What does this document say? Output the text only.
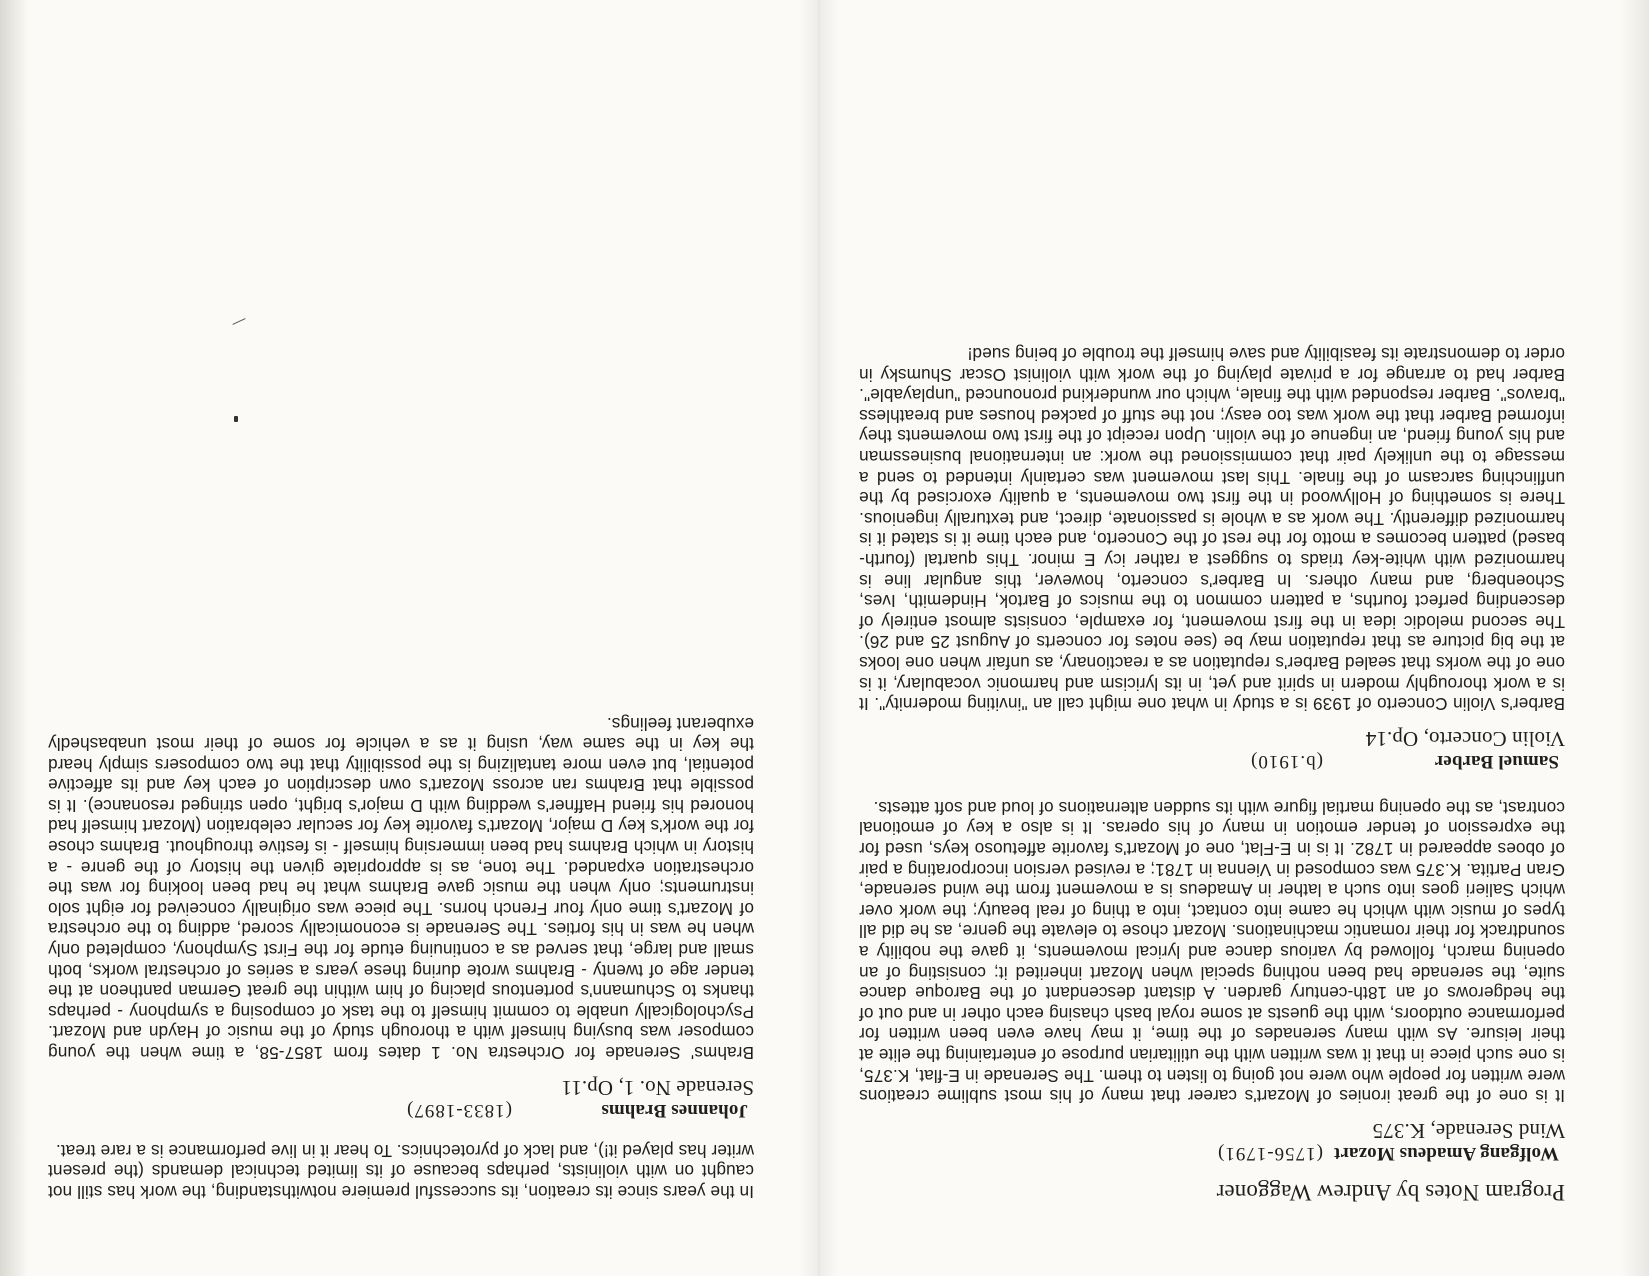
Program Notes by Andrew Waggoner
Wolfgang Amadeus Mozart
(1756-1791)
Wind Serenade, K.375

It is one of the great ironies of Mozart's career that many of his most sublime creations were written for people who were not going to listen to them. The Serenade in E-flat, K.375, is one such piece in that it was written with the utilitarian purpose of entertaining the elite at their leisure. As with many serenades of the time, it may have even been written for performance outdoors, with the guests at some royal bash chasing each other in and out of the hedgerows of an 18th-century garden. A distant descendant of the Baroque dance suite, the serenade had been nothing special when Mozart inherited it; consisting of an opening march, followed by various dance and lyrical movements, it gave the nobility a soundtrack for their romantic machinations. Mozart chose to elevate the genre, as he did all types of music with which he came into contact, into a thing of real beauty; the work over which Salieri goes into such a lather in Amadeus is a movement from the wind serenade, Gran Partita. K.375 was composed in Vienna in 1781; a revised version incorporating a pair of oboes appeared in 1782. It is in E-Flat, one of Mozart's favorite affetuoso keys, used for the expression of tender emotion in many of his operas. It is also a key of emotional contrast, as the opening martial figure with its sudden alternations of loud and soft attests.

Samuel Barber
(b.1910)
Violin Concerto, Op.14

Barber's Violin Concerto of 1939 is a study in what one might call an "inviting modernity". It is a work thoroughly modern in spirit and yet, in its lyricism and harmonic vocabulary, it is one of the works that sealed Barber's reputation as a reactionary, as unfair when one looks at the big picture as that reputation may be (see notes for concerts of August 25 and 26). The second melodic idea in the first movement, for example, consists almost entirely of descending perfect fourths, a pattern common to the musics of Bartok, Hindemith, Ives, Schoenberg, and many others. In Barber's concerto, however, this angular line is harmonized with white-key triads to suggest a rather icy E minor. This quartal (fourth-based) pattern becomes a motto for the rest of the Concerto, and each time it is stated it is harmonized differently. The work as a whole is passionate, direct, and texturally ingenious. There is something of Hollywood in the first two movements, a quality exorcised by the unflinching sarcasm of the finale. This last movement was certainly intended to send a message to the unlikely pair that commissioned the work: an international businessman and his young friend, an ingenue of the violin. Upon receipt of the first two movements they informed Barber that the work was too easy; not the stuff of packed houses and breathless "bravos". Barber responded with the finale, which our wunderkind pronounced "unplayable". Barber had to arrange for a private playing of the work with violinist Oscar Shumsky in order to demonstrate its feasibility and save himself the trouble of being sued!

In the years since its creation, its successful premiere notwithstanding, the work has still not caught on with violinists, perhaps because of its limited technical demands (the present writer has played it!), and lack of pyrotechnics. To hear it in live performance is a rare treat.

Johannes Brahms
(1833-1897)
Serenade No. 1, Op.11

Brahms' Serenade for Orchestra No. 1 dates from 1857-58, a time when the young composer was busying himself with a thorough study of the music of Haydn and Mozart. Psychologically unable to commit himself to the task of composing a symphony - perhaps thanks to Schumann's portentous placing of him within the great German pantheon at the tender age of twenty - Brahms wrote during these years a series of orchestral works, both small and large, that served as a continuing etude for the First Symphony, completed only when he was in his forties. The Serenade is economically scored, adding to the orchestra of Mozart's time only four French horns. The piece was originally conceived for eight solo instruments; only when the music gave Brahms what he had been looking for was the orchestration expanded. The tone, as is appropriate given the history of the genre - a history in which Brahms had been immersing himself - is festive throughout. Brahms chose for the work's key D major, Mozart's favorite key for secular celebration (Mozart himself had honored his friend Haffner's wedding with D major's bright, open stringed resonance). It is possible that Brahms ran across Mozart's own description of each key and its affective potential, but even more tantalizing is the possibility that the two composers simply heard the key in the same way, using it as a vehicle for some of their most unabashedly exuberant feelings.
